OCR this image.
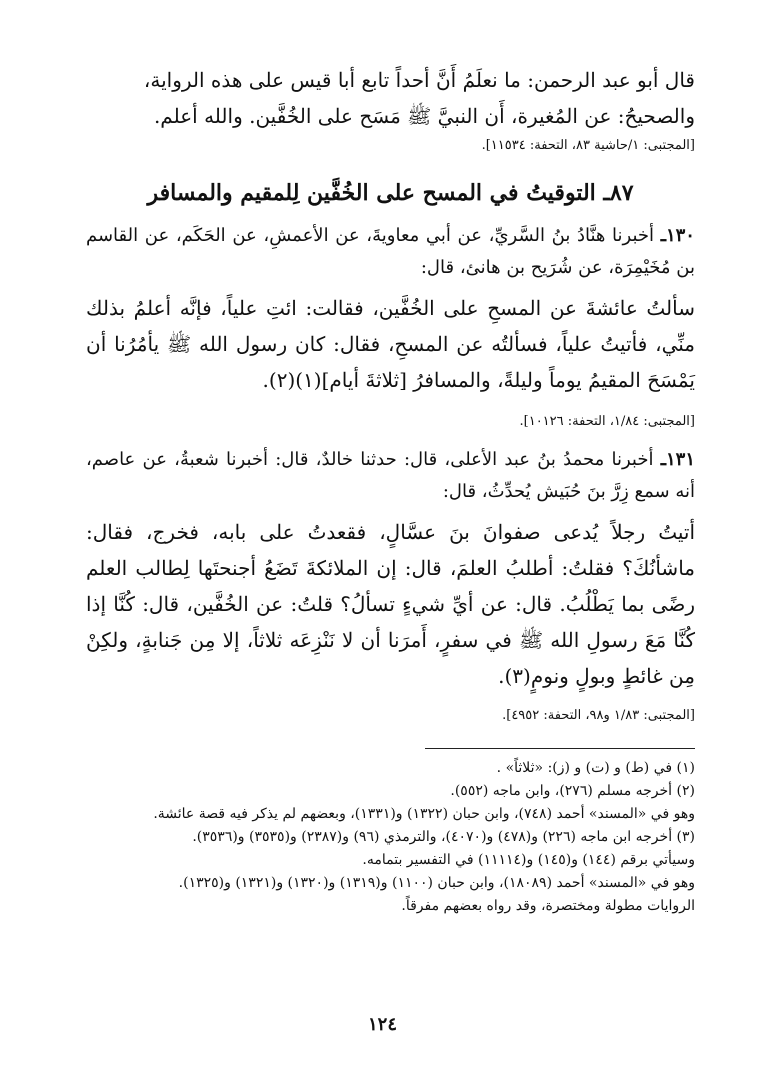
قال أبو عبد الرحمن: ما نعلَمُ أَنَّ أحداً تابع أبا قيس على هذه الرواية،

والصحيحُ: عن المُغيرة، أَن النبيَّ ﷺ مَسَح على الخُفَّين. والله أعلم.

[المجتبى: ١/حاشية ٨٣، التحفة: ١١٥٣٤].

٨٧ـ التوقيتُ في المسح على الخُفَّين لِلمقيم والمسافر

١٣٠ـ أخبرنا هنَّادُ بنُ السَّريِّ، عن أبي معاويةَ، عن الأعمشِ، عن الحَكَم، عن القاسم بن مُخَيْمِرَة، عن شُرَيح بن هانئ، قال:

سألتُ عائشةَ عن المسحِ على الخُفَّين، فقالت: ائتِ علياً، فإنَّه أعلمُ بذلك منِّي، فأتيتُ علياً، فسألتُه عن المسحِ، فقال: كان رسول الله ﷺ يأمُرُنا أن يَمْسَحَ المقيمُ يوماً وليلةً، والمسافرُ [ثلاثةَ أيام](١)(٢).

[المجتبى: ١/٨٤، التحفة: ١٠١٢٦].

١٣١ـ أخبرنا محمدُ بنُ عبد الأعلى، قال: حدثنا خالدٌ، قال: أخبرنا شعبةُ، عن عاصم، أنه سمع زِرَّ بنَ حُبَيش يُحدِّثُ، قال:

أتيتُ رجلاً يُدعى صفوانَ بنَ عسَّالٍ، فقعدتُ على بابه، فخرج، فقال: ماشأنُكَ؟ فقلتُ: أطلبُ العلمَ، قال: إن الملائكةَ تَضَعُ أجنحتَها لِطالب العلم رضًى بما يَطْلُبُ. قال: عن أيِّ شيءٍ تسألُ؟ قلتُ: عن الخُفَّين، قال: كُنَّا إذا كُنَّا مَعَ رسولِ الله ﷺ في سفرٍ، أَمرَنا أن لا نَنْزِعَه ثلاثاً، إلا مِن جَنابةٍ، ولكِنْ مِن غائطٍ وبولٍ ونومٍ(٣).

[المجتبى: ١/٨٣ و٩٨، التحفة: ٤٩٥٢].

(١) في (ط) و (ت) و (ز): «ثلاثاً» .

(٢) أخرجه مسلم (٢٧٦)، وابن ماجه (٥٥٢).

وهو في «المسند» أحمد (٧٤٨)، وابن حبان (١٣٢٢) و(١٣٣١)، وبعضهم لم يذكر فيه قصة عائشة.

(٣) أخرجه ابن ماجه (٢٢٦) و(٤٧٨) و(٤٠٧٠)، والترمذي (٩٦) و(٢٣٨٧) و(٣٥٣٥) و(٣٥٣٦).

وسيأتي برقم (١٤٤) و(١٤٥) و(١١١١٤) في التفسير بتمامه.

وهو في «المسند» أحمد (١٨٠٨٩)، وابن حبان (١١٠٠) و(١٣١٩) و(١٣٢٠) و(١٣٢١) و(١٣٢٥).

الروايات مطولة ومختصرة، وقد رواه بعضهم مفرقاً.

١٢٤
